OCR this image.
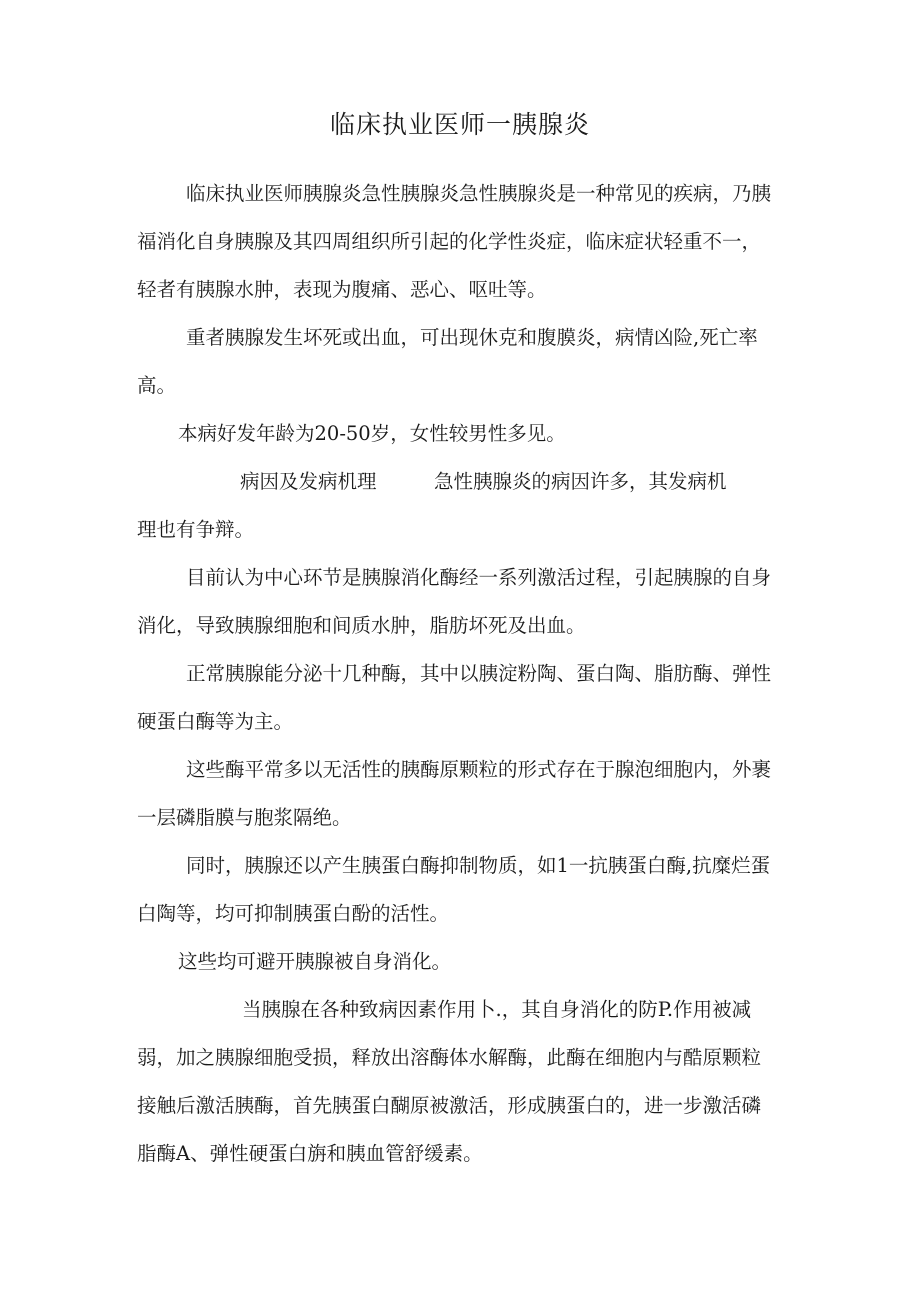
临床执业医师一胰腺炎

临床执业医师胰腺炎急性胰腺炎急性胰腺炎是一种常见的疾病，乃胰

福消化自身胰腺及其四周组织所引起的化学性炎症，临床症状轻重不一，

轻者有胰腺水肿，表现为腹痛、恶心、呕吐等。

重者胰腺发生坏死或出血，可出现休克和腹膜炎，病情凶险,死亡率

高。

本病好发年龄为20-50岁，女性较男性多见。

病因及发病机理	急性胰腺炎的病因许多，其发病机

理也有争辩。

目前认为中心环节是胰腺消化酶经一系列激活过程，引起胰腺的自身

消化，导致胰腺细胞和间质水肿，脂肪坏死及出血。

正常胰腺能分泌十几种酶，其中以胰淀粉陶、蛋白陶、脂肪酶、弹性

硬蛋白酶等为主。

这些酶平常多以无活性的胰酶原颗粒的形式存在于腺泡细胞内，外裹

一层磷脂膜与胞浆隔绝。

同时，胰腺还以产生胰蛋白酶抑制物质，如1一抗胰蛋白酶,抗糜烂蛋

白陶等，均可抑制胰蛋白酚的活性。

这些均可避开胰腺被自身消化。

当胰腺在各种致病因素作用卜.，其自身消化的防P.作用被减

弱，加之胰腺细胞受损，释放出溶酶体水解酶，此酶在细胞内与酷原颗粒

接触后激活胰酶，首先胰蛋白醐原被激活，形成胰蛋白的，进一步激活磷

脂酶A、弹性硬蛋白旃和胰血管舒缓素。
